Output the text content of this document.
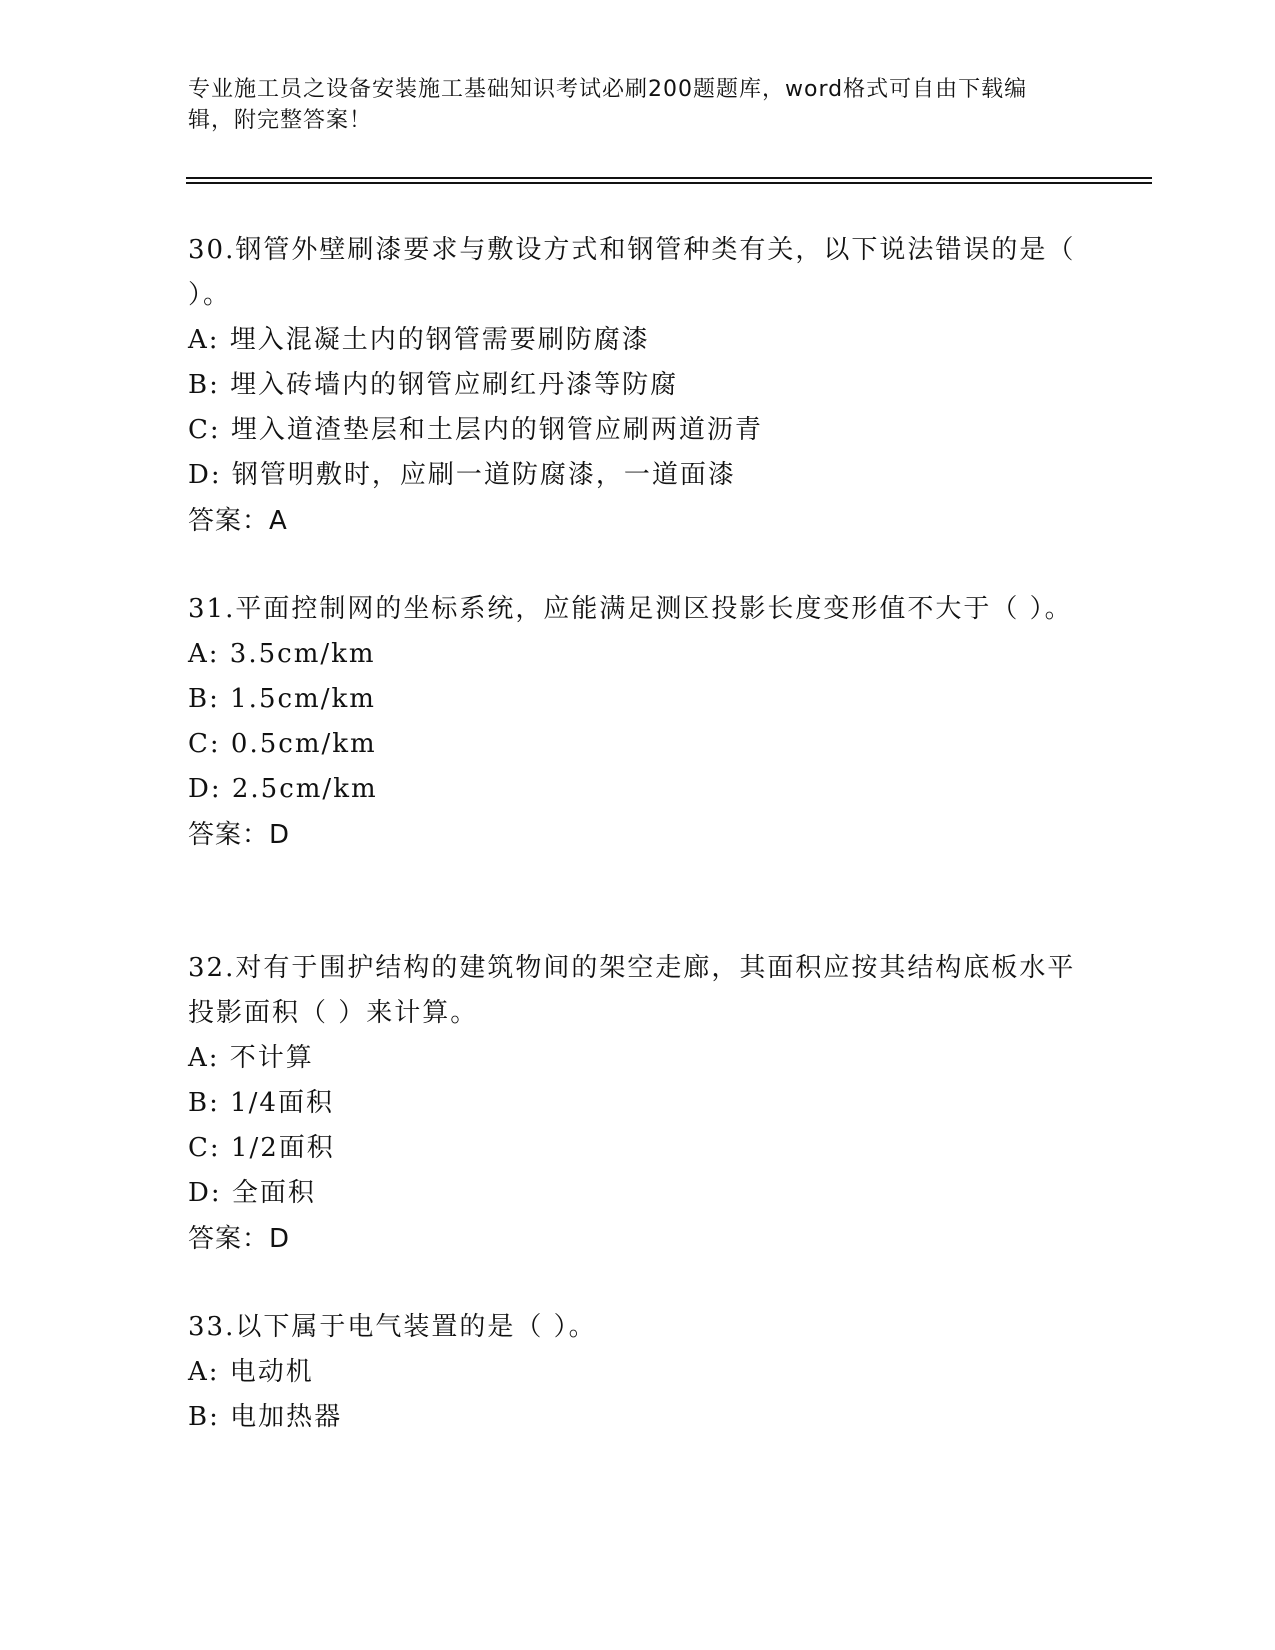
专业施工员之设备安装施工基础知识考试必刷200题题库，word格式可自由下载编辑，附完整答案！
30.钢管外壁刷漆要求与敷设方式和钢管种类有关，以下说法错误的是（ ）。
A: 埋入混凝土内的钢管需要刷防腐漆
B: 埋入砖墙内的钢管应刷红丹漆等防腐
C: 埋入道渣垫层和土层内的钢管应刷两道沥青
D: 钢管明敷时，应刷一道防腐漆，一道面漆
答案：A
31.平面控制网的坐标系统，应能满足测区投影长度变形值不大于（ ）。
A: 3.5cm/km
B: 1.5cm/km
C: 0.5cm/km
D: 2.5cm/km
答案：D
32.对有于围护结构的建筑物间的架空走廊，其面积应按其结构底板水平投影面积（ ）来计算。
A: 不计算
B: 1/4面积
C: 1/2面积
D: 全面积
答案：D
33.以下属于电气装置的是（ ）。
A: 电动机
B: 电加热器
